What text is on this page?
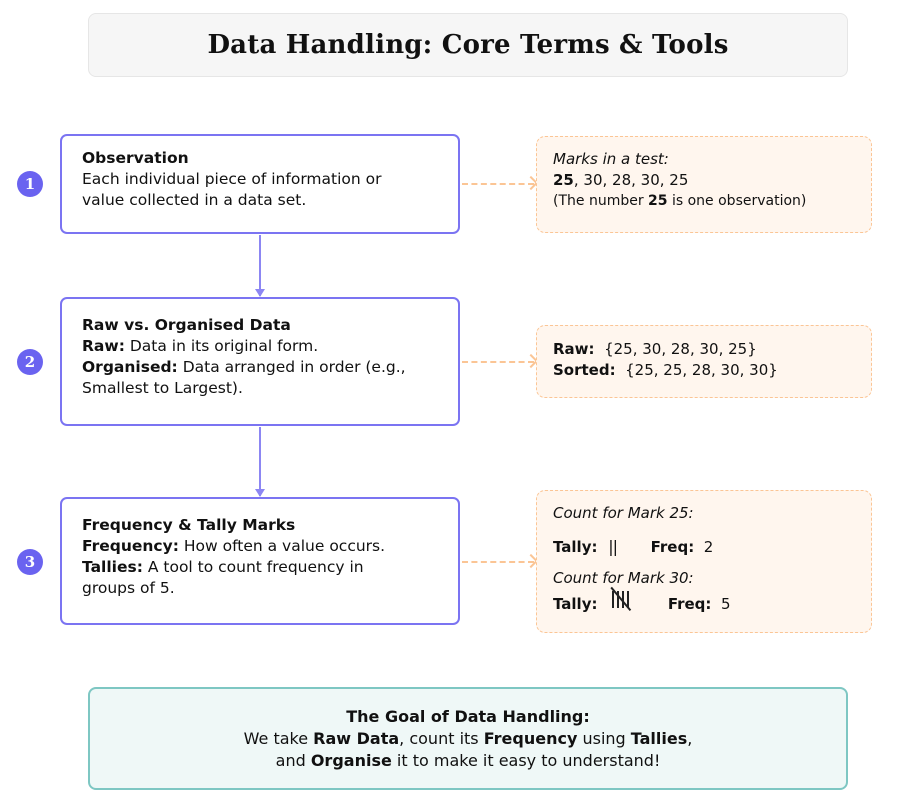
Data Handling: Core Terms & Tools
1
Observation
Each individual piece of information or
value collected in a data set.
Marks in a test:
25, 30, 28, 30, 25
(The number 25 is one observation)
2
Raw vs. Organised Data
Raw: Data in its original form.
Organised: Data arranged in order (e.g.,
Smallest to Largest).
Raw: {25, 30, 28, 30, 25}
Sorted: {25, 25, 28, 30, 30}
3
Frequency & Tally Marks
Frequency: How often a value occurs.
Tallies: A tool to count frequency in
groups of 5.
Count for Mark 25:
Tally: || Freq: 2
Count for Mark 30:
Tally:	Freq: 5
The Goal of Data Handling:
We take Raw Data, count its Frequency using Tallies,
and Organise it to make it easy to understand!
